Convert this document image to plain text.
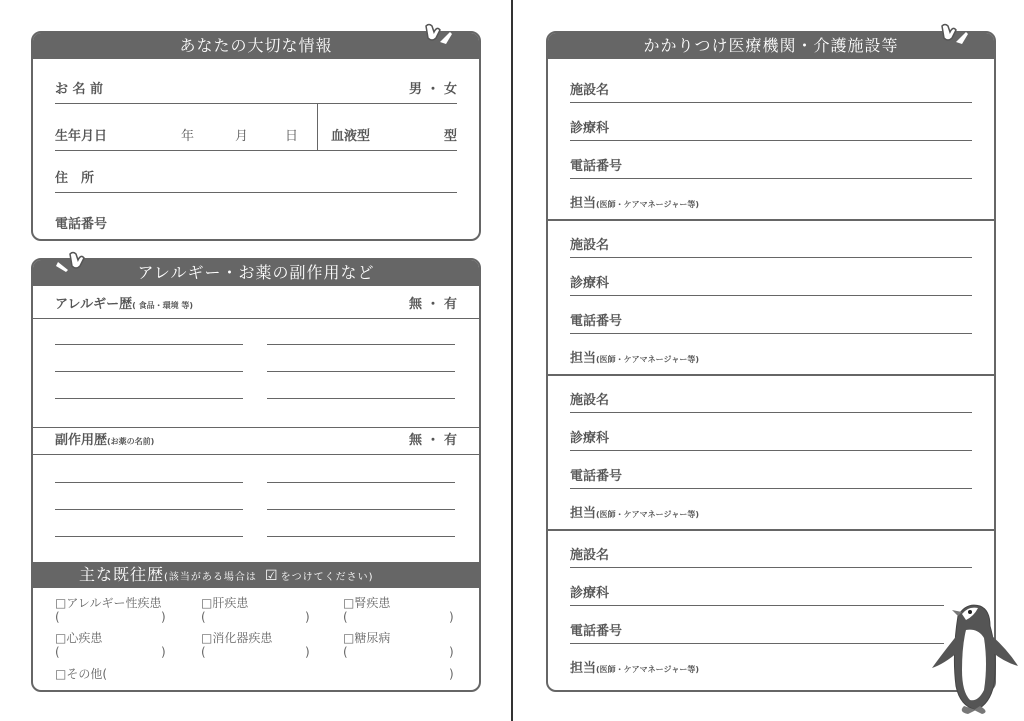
あなたの大切な情報
お 名 前	男 ・ 女
生年月日	年	月	日	血液型	型
住　所
電話番号
アレルギー・お薬の副作用など
アレルギー歴( 食品・環境 等)	無 ・ 有
副作用歴(お薬の名前)	無 ・ 有
主な既往歴(該当がある場合は ☑ をつけてください)
□アレルギー性疾患	□肝疾患	□腎疾患
(	)	(	)	(	)
□心疾患	□消化器疾患	□糖尿病
(	)	(	)	(	)
□その他(	)
かかりつけ医療機関・介護施設等
施設名
診療科
電話番号
担当(医師・ケアマネージャー等)
施設名
診療科
電話番号
担当(医師・ケアマネージャー等)
施設名
診療科
電話番号
担当(医師・ケアマネージャー等)
施設名
診療科
電話番号
担当(医師・ケアマネージャー等)
